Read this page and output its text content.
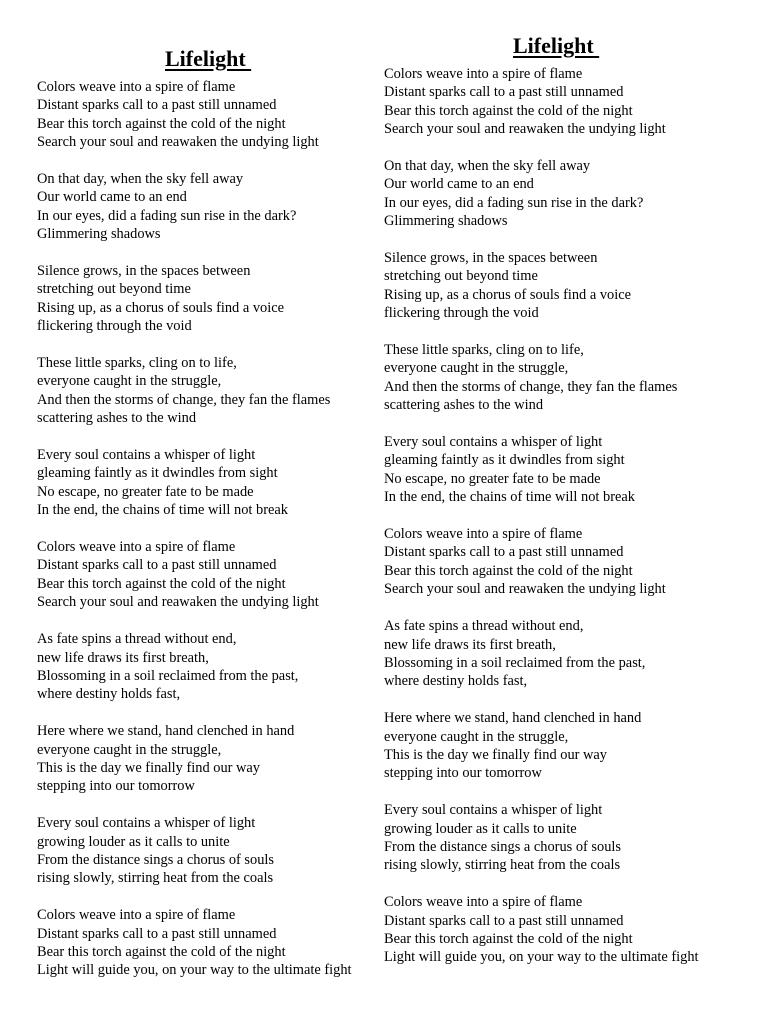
Lifelight
Colors weave into a spire of flame
Distant sparks call to a past still unnamed
Bear this torch against the cold of the night
Search your soul and reawaken the undying light
On that day, when the sky fell away
Our world came to an end
In our eyes, did a fading sun rise in the dark?
Glimmering shadows
Silence grows, in the spaces between
stretching out beyond time
Rising up, as a chorus of souls find a voice
flickering through the void
These little sparks, cling on to life,
everyone caught in the struggle,
And then the storms of change, they fan the flames
scattering ashes to the wind
Every soul contains a whisper of light
gleaming faintly as it dwindles from sight
No escape, no greater fate to be made
In the end, the chains of time will not break
Colors weave into a spire of flame
Distant sparks call to a past still unnamed
Bear this torch against the cold of the night
Search your soul and reawaken the undying light
As fate spins a thread without end,
new life draws its first breath,
Blossoming in a soil reclaimed from the past,
where destiny holds fast,
Here where we stand, hand clenched in hand
everyone caught in the struggle,
This is the day we finally find our way
stepping into our tomorrow
Every soul contains a whisper of light
growing louder as it calls to unite
From the distance sings a chorus of souls
rising slowly, stirring heat from the coals
Colors weave into a spire of flame
Distant sparks call to a past still unnamed
Bear this torch against the cold of the night
Light will guide you, on your way to the ultimate fight
Lifelight
Colors weave into a spire of flame
Distant sparks call to a past still unnamed
Bear this torch against the cold of the night
Search your soul and reawaken the undying light
On that day, when the sky fell away
Our world came to an end
In our eyes, did a fading sun rise in the dark?
Glimmering shadows
Silence grows, in the spaces between
stretching out beyond time
Rising up, as a chorus of souls find a voice
flickering through the void
These little sparks, cling on to life,
everyone caught in the struggle,
And then the storms of change, they fan the flames
scattering ashes to the wind
Every soul contains a whisper of light
gleaming faintly as it dwindles from sight
No escape, no greater fate to be made
In the end, the chains of time will not break
Colors weave into a spire of flame
Distant sparks call to a past still unnamed
Bear this torch against the cold of the night
Search your soul and reawaken the undying light
As fate spins a thread without end,
new life draws its first breath,
Blossoming in a soil reclaimed from the past,
where destiny holds fast,
Here where we stand, hand clenched in hand
everyone caught in the struggle,
This is the day we finally find our way
stepping into our tomorrow
Every soul contains a whisper of light
growing louder as it calls to unite
From the distance sings a chorus of souls
rising slowly, stirring heat from the coals
Colors weave into a spire of flame
Distant sparks call to a past still unnamed
Bear this torch against the cold of the night
Light will guide you, on your way to the ultimate fight
